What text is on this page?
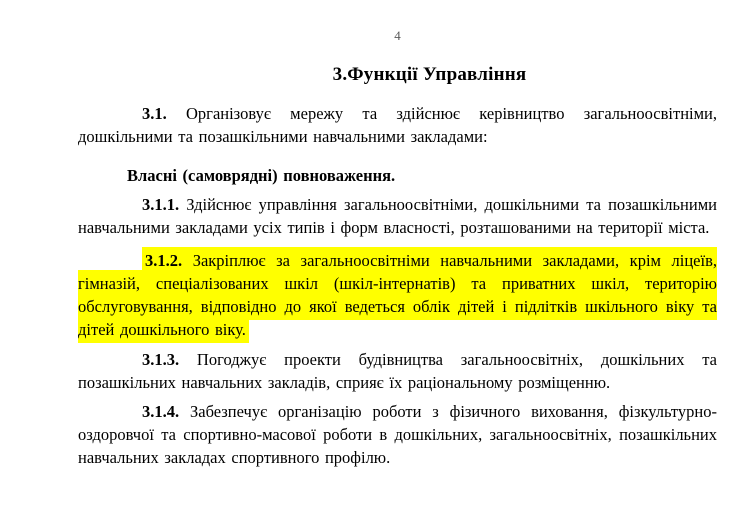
4
3.Функції Управління

3.1. Організовує мережу та здійснює керівництво загальноосвітніми, дошкільними та позашкільними навчальними закладами:

Власні (самоврядні) повноваження.

3.1.1. Здійснює управління загальноосвітніми, дошкільними та позашкільними навчальними закладами усіх типів і форм власності, розташованими на території міста.

3.1.2. Закріплює за загальноосвітніми навчальними закладами, крім ліцеїв, гімназій, спеціалізованих шкіл (шкіл-інтернатів) та приватних шкіл, територію обслуговування, відповідно до якої ведеться облік дітей і підлітків шкільного віку та дітей дошкільного віку.

3.1.3. Погоджує проекти будівництва загальноосвітніх, дошкільних та позашкільних навчальних закладів, сприяє їх раціональному розміщенню.

3.1.4. Забезпечує організацію роботи з фізичного виховання, фізкультурно-оздоровчої та спортивно-масової роботи в дошкільних, загальноосвітніх, позашкільних навчальних закладах спортивного профілю.
